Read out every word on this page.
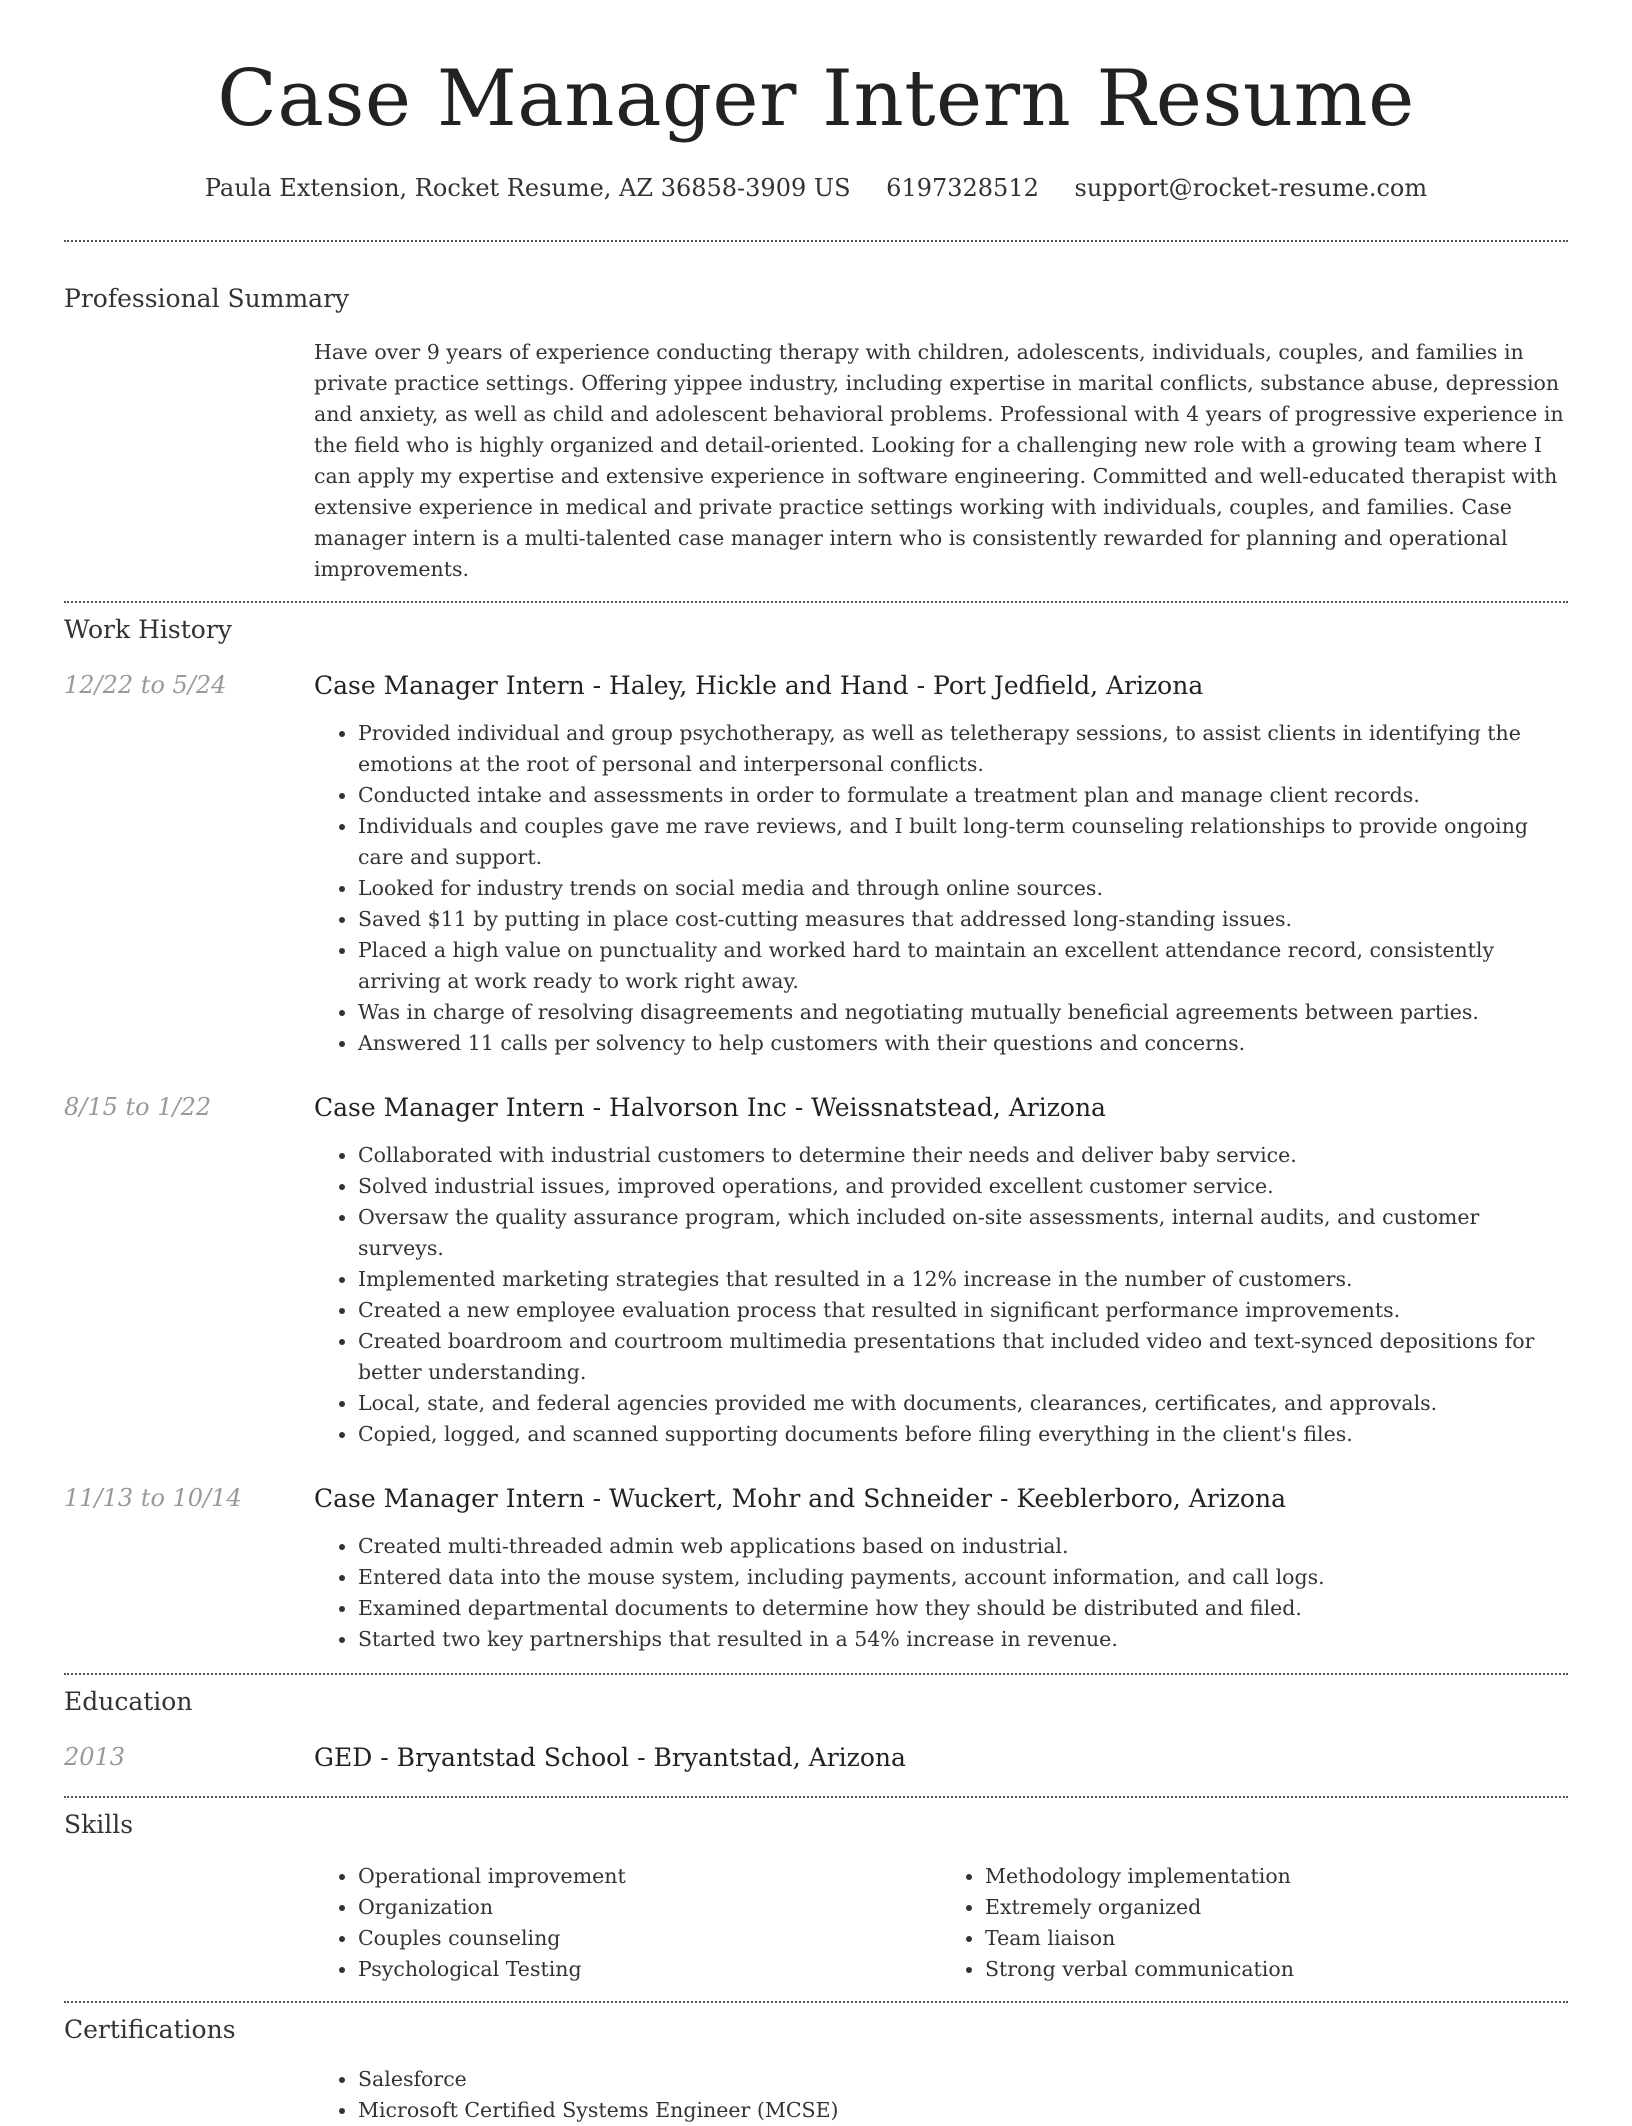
Case Manager Intern Resume
Paula Extension, Rocket Resume, AZ 36858-3909 US 6197328512 support@rocket-resume.com
Professional Summary

Have over 9 years of experience conducting therapy with children, adolescents, individuals, couples, and families in private practice settings. Offering yippee industry, including expertise in marital conflicts, substance abuse, depression and anxiety, as well as child and adolescent behavioral problems. Professional with 4 years of progressive experience in the field who is highly organized and detail-oriented. Looking for a challenging new role with a growing team where I can apply my expertise and extensive experience in software engineering. Committed and well-educated therapist with extensive experience in medical and private practice settings working with individuals, couples, and families. Case manager intern is a multi-talented case manager intern who is consistently rewarded for planning and operational improvements.

Work History
12/22 to 5/24	Case Manager Intern - Haley, Hickle and Hand - Port Jedfield, Arizona
• Provided individual and group psychotherapy, as well as teletherapy sessions, to assist clients in identifying the emotions at the root of personal and interpersonal conflicts.
• Conducted intake and assessments in order to formulate a treatment plan and manage client records.
• Individuals and couples gave me rave reviews, and I built long-term counseling relationships to provide ongoing care and support.
• Looked for industry trends on social media and through online sources.
• Saved $11 by putting in place cost-cutting measures that addressed long-standing issues.
• Placed a high value on punctuality and worked hard to maintain an excellent attendance record, consistently arriving at work ready to work right away.
• Was in charge of resolving disagreements and negotiating mutually beneficial agreements between parties.
• Answered 11 calls per solvency to help customers with their questions and concerns.
8/15 to 1/22	Case Manager Intern - Halvorson Inc - Weissnatstead, Arizona
• Collaborated with industrial customers to determine their needs and deliver baby service.
• Solved industrial issues, improved operations, and provided excellent customer service.
• Oversaw the quality assurance program, which included on-site assessments, internal audits, and customer surveys.
• Implemented marketing strategies that resulted in a 12% increase in the number of customers.
• Created a new employee evaluation process that resulted in significant performance improvements.
• Created boardroom and courtroom multimedia presentations that included video and text-synced depositions for better understanding.
• Local, state, and federal agencies provided me with documents, clearances, certificates, and approvals.
• Copied, logged, and scanned supporting documents before filing everything in the client's files.
11/13 to 10/14	Case Manager Intern - Wuckert, Mohr and Schneider - Keeblerboro, Arizona
• Created multi-threaded admin web applications based on industrial.
• Entered data into the mouse system, including payments, account information, and call logs.
• Examined departmental documents to determine how they should be distributed and filed.
• Started two key partnerships that resulted in a 54% increase in revenue.
Education
2013	GED - Bryantstad School - Bryantstad, Arizona
Skills
• Operational improvement
• Organization
• Couples counseling
• Psychological Testing
• Methodology implementation
• Extremely organized
• Team liaison
• Strong verbal communication
Certifications
• Salesforce
• Microsoft Certified Systems Engineer (MCSE)
